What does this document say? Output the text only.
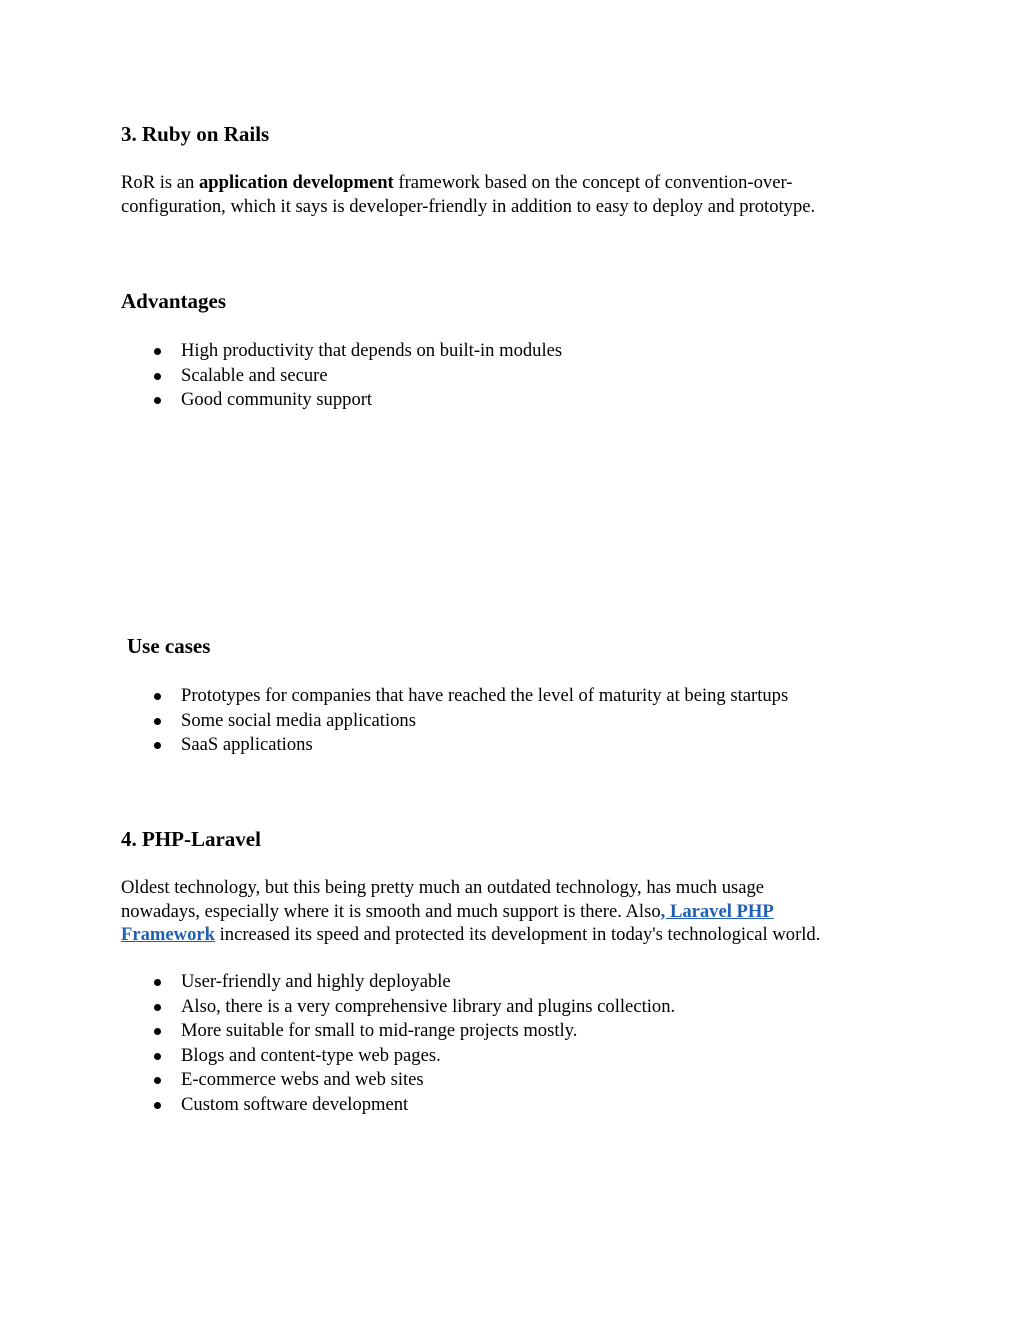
3. Ruby on Rails

RoR is an application development framework based on the concept of convention-over-
configuration, which it says is developer-friendly in addition to easy to deploy and prototype.

Advantages
High productivity that depends on built-in modules
Scalable and secure
Good community support
Use cases
Prototypes for companies that have reached the level of maturity at being startups
Some social media applications
SaaS applications
4. PHP-Laravel

Oldest technology, but this being pretty much an outdated technology, has much usage
nowadays, especially where it is smooth and much support is there. Also, Laravel PHP
Framework increased its speed and protected its development in today's technological world.

User-friendly and highly deployable
Also, there is a very comprehensive library and plugins collection.
More suitable for small to mid-range projects mostly.
Blogs and content-type web pages.
E-commerce webs and web sites
Custom software development
